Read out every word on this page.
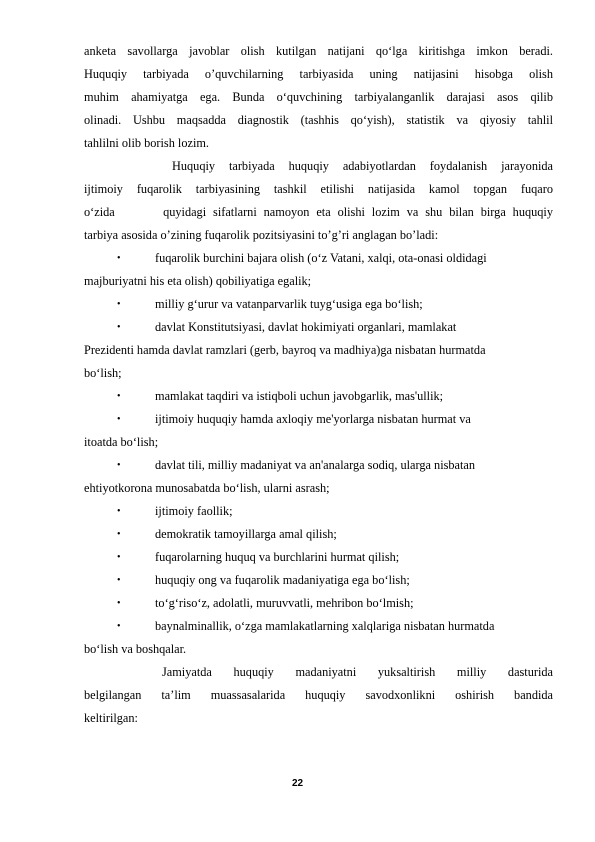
anketa savollarga javoblar olish kutilgan natijani qo‘lga kiritishga imkon beradi.
Huquqiy tarbiyada o’quvchilarning tarbiyasida uning natijasini hisobga olish
muhim ahamiyatga ega. Bunda o‘quvchining tarbiyalanganlik darajasi asos qilib
olinadi. Ushbu maqsadda diagnostik (tashhis qo‘yish), statistik va qiyosiy tahlil
tahlilni olib borish lozim.
Huquqiy tarbiyada huquqiy adabiyotlardan foydalanish jarayonida
ijtimoiy fuqarolik tarbiyasining tashkil etilishi natijasida kamol topgan fuqaro
o‘zida       quyidagi sifatlarni namoyon eta olishi lozim va shu bilan birga huquqiy
tarbiya asosida o’zining fuqarolik pozitsiyasini to’g’ri anglagan bo’ladi:
•	fuqarolik burchini bajara olish (o‘z Vatani, xalqi, ota-onasi oldidagi
majburiyatni his eta olish) qobiliyatiga egalik;
•	milliy g‘urur va vatanparvarlik tuyg‘usiga ega bo‘lish;
•	davlat Konstitutsiyasi, davlat hokimiyati organlari, mamlakat
Prezidenti hamda davlat ramzlari (gerb, bayroq va madhiya)ga nisbatan hurmatda
bo‘lish;
•	mamlakat taqdiri va istiqboli uchun javobgarlik, mas'ullik;
•	ijtimoiy huquqiy hamda axloqiy me'yorlarga nisbatan hurmat va
itoatda bo‘lish;
•	davlat tili, milliy madaniyat va an'analarga sodiq, ularga nisbatan
ehtiyotkorona munosabatda bo‘lish, ularni asrash;
•	ijtimoiy faollik;
•	demokratik tamoyillarga amal qilish;
•	fuqarolarning huquq va burchlarini hurmat qilish;
•	huquqiy ong va fuqarolik madaniyatiga ega bo‘lish;
•	to‘g‘riso‘z, adolatli, muruvvatli, mehribon bo‘lmish;
•	baynalminallik, o‘zga mamlakatlarning xalqlariga nisbatan hurmatda
bo‘lish va boshqalar.
Jamiyatda huquqiy madaniyatni yuksaltirish milliy dasturida
belgilangan ta’lim muassasalarida huquqiy savodxonlikni oshirish bandida
keltirilgan:
22
